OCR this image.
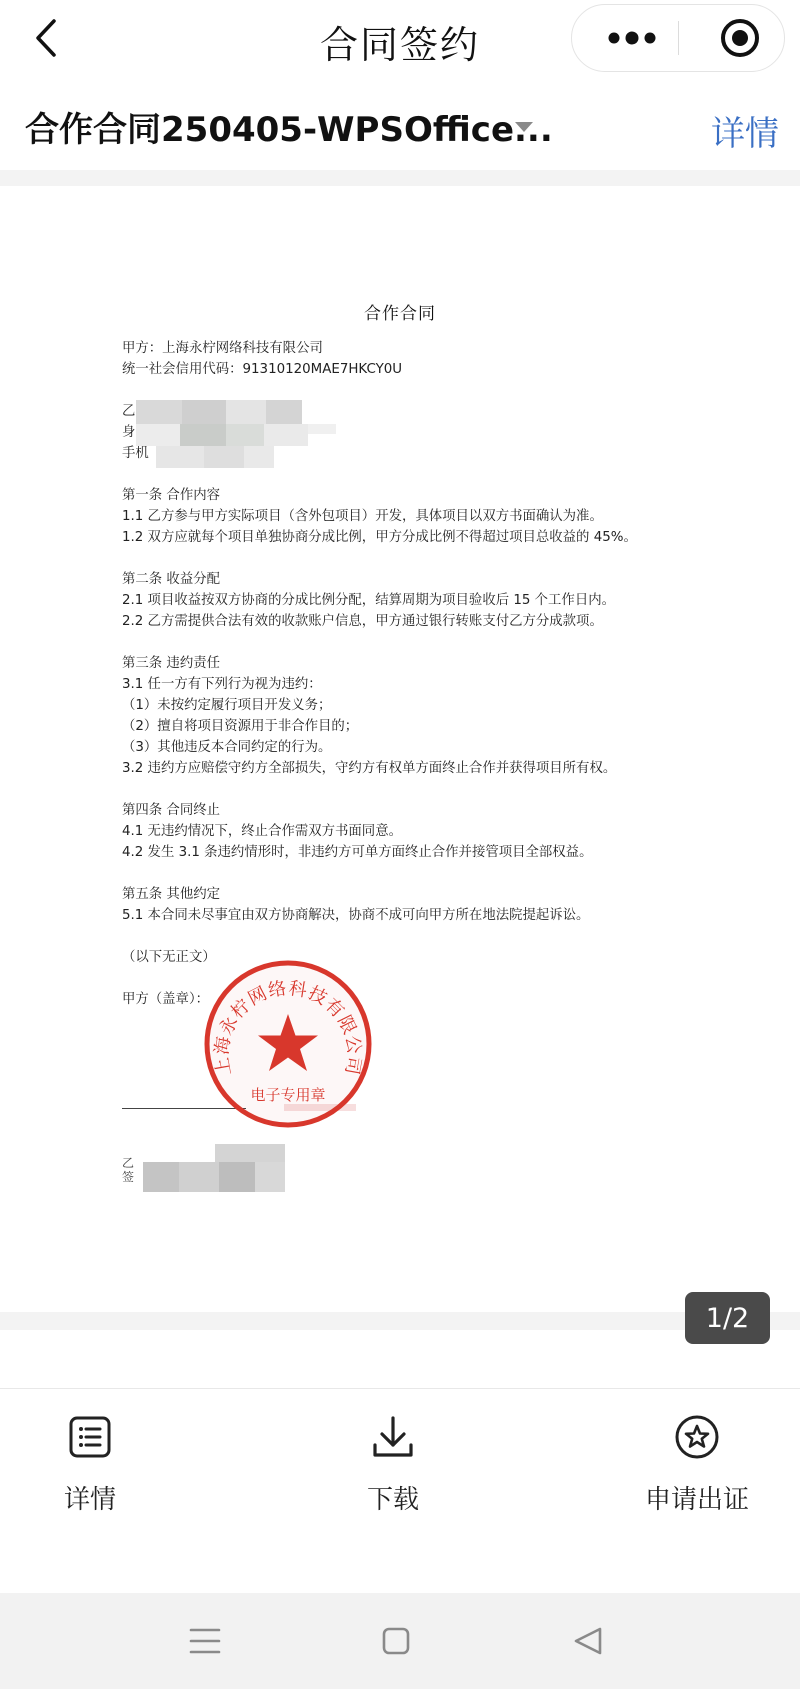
合同签约
合作合同250405-WPSOffice...	详情
合作合同
甲方：上海永柠网络科技有限公司
统一社会信用代码：91310120MAE7HKCY0U
乙
身
手机
第一条 合作内容
1.1 乙方参与甲方实际项目（含外包项目）开发，具体项目以双方书面确认为准。
1.2 双方应就每个项目单独协商分成比例，甲方分成比例不得超过项目总收益的 45%。
第二条 收益分配
2.1 项目收益按双方协商的分成比例分配，结算周期为项目验收后 15 个工作日内。
2.2 乙方需提供合法有效的收款账户信息，甲方通过银行转账支付乙方分成款项。
第三条 违约责任
3.1 任一方有下列行为视为违约：
（1）未按约定履行项目开发义务；
（2）擅自将项目资源用于非合作目的；
（3）其他违反本合同约定的行为。
3.2 违约方应赔偿守约方全部损失，守约方有权单方面终止合作并获得项目所有权。
第四条 合同终止
4.1 无违约情况下，终止合作需双方书面同意。
4.2 发生 3.1 条违约情形时，非违约方可单方面终止合作并接管项目全部权益。
第五条 其他约定
5.1 本合同未尽事宜由双方协商解决，协商不成可向甲方所在地法院提起诉讼。
（以下无正文）
甲方（盖章）：
乙
签
上海永柠网络科技有限公司
电子专用章
1/2
详情	下载	申请出证
